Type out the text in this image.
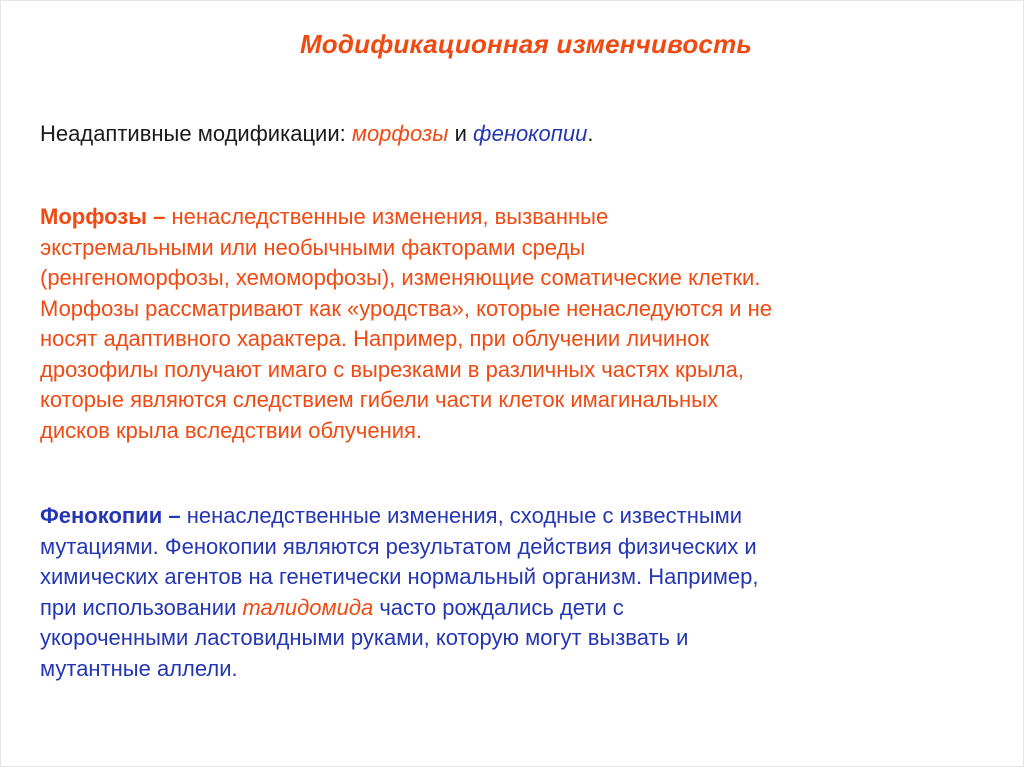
Модификационная изменчивость
Неадаптивные модификации: морфозы и фенокопии.
Морфозы – ненаследственные изменения, вызванные
экстремальными или необычными факторами среды
(ренгеноморфозы, хемоморфозы), изменяющие соматические клетки.
Морфозы рассматривают как «уродства», которые ненаследуются и не
носят адаптивного характера. Например, при облучении личинок
дрозофилы получают имаго с вырезками в различных частях крыла,
которые являются следствием гибели части клеток имагинальных
дисков крыла вследствии облучения.
Фенокопии – ненаследственные изменения, сходные с известными
мутациями. Фенокопии являются результатом действия физических и
химических агентов на генетически нормальный организм. Например,
при использовании талидомида часто рождались дети с
укороченными ластовидными руками, которую могут вызвать и
мутантные аллели.
